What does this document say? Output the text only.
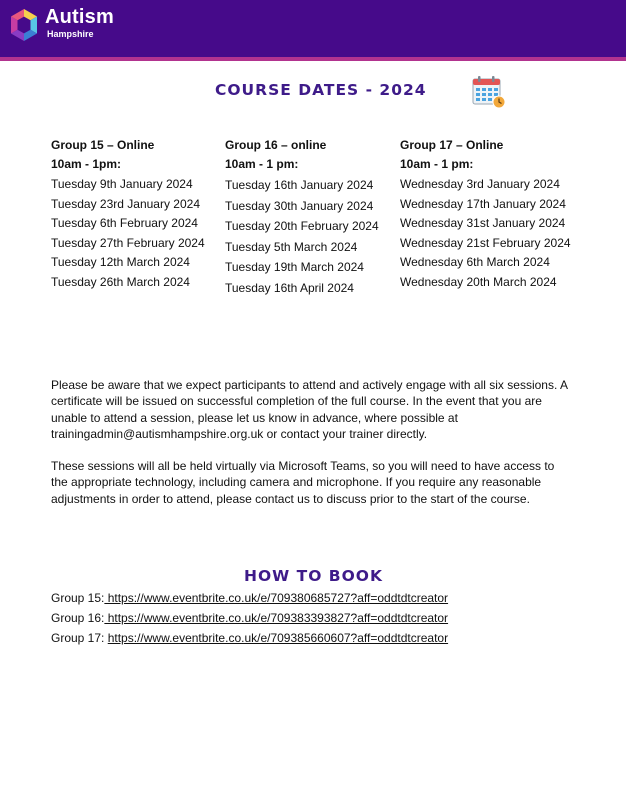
Autism
Hampshire
COURSE DATES - 2024
Group 15 – Online
10am - 1pm:
Tuesday 9th January 2024
Tuesday 23rd January 2024
Tuesday 6th February 2024
Tuesday 27th February 2024
Tuesday 12th March 2024
Tuesday 26th March 2024
Group 16 – online
10am - 1 pm:
Tuesday 16th January 2024
Tuesday 30th January 2024
Tuesday 20th February 2024
Tuesday 5th March 2024
Tuesday 19th March 2024
Tuesday 16th April 2024
Group 17 – Online
10am - 1 pm:
Wednesday 3rd January 2024
Wednesday 17th January 2024
Wednesday 31st January 2024
Wednesday 21st February 2024
Wednesday 6th March 2024
Wednesday 20th March 2024

Please be aware that we expect participants to attend and actively engage with all six sessions. A certificate will be issued on successful completion of the full course. In the event that you are unable to attend a session, please let us know in advance, where possible at trainingadmin@autismhampshire.org.uk or contact your trainer directly.

These sessions will all be held virtually via Microsoft Teams, so you will need to have access to the appropriate technology, including camera and microphone. If you require any reasonable adjustments in order to attend, please contact us to discuss prior to the start of the course.

HOW TO BOOK
Group 15: https://www.eventbrite.co.uk/e/709380685727?aff=oddtdtcreator
Group 16: https://www.eventbrite.co.uk/e/709383393827?aff=oddtdtcreator
Group 17: https://www.eventbrite.co.uk/e/709385660607?aff=oddtdtcreator
